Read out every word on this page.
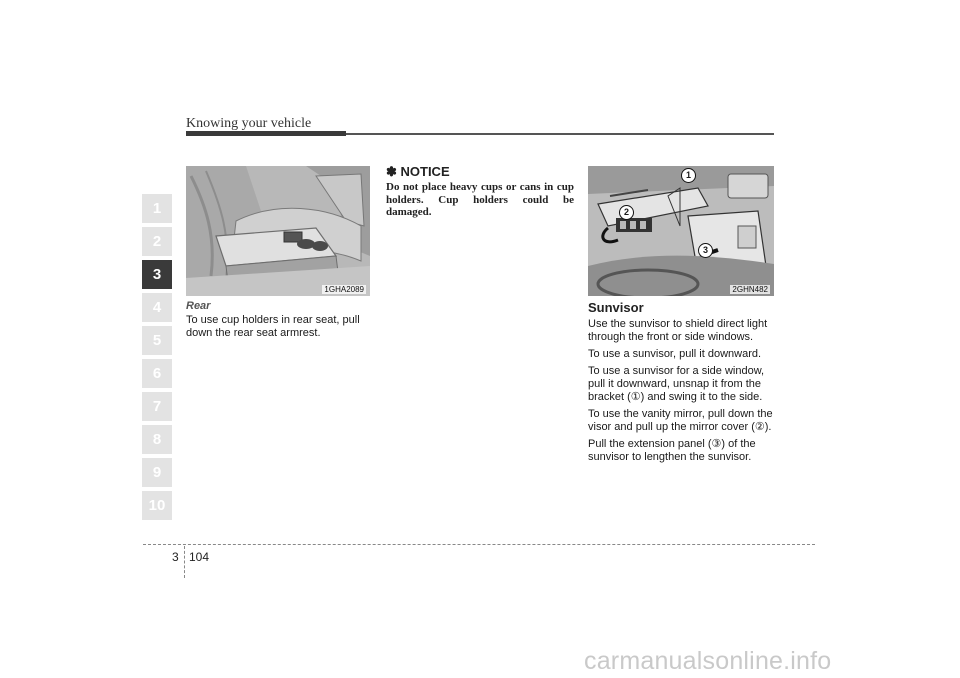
Knowing your vehicle
1
2
3
4
5
6
7
8
9
10
1GHA2089
Rear

To use cup holders in rear seat, pull down the rear seat armrest.

✽ NOTICE
Do not place heavy cups or cans in cup holders. Cup holders could be damaged.
1
2
3
2GHN482
Sunvisor

Use the sunvisor to shield direct light through the front or side windows.

To use a sunvisor, pull it downward.

To use a sunvisor for a side window, pull it downward, unsnap it from the bracket (①) and swing it to the side.

To use the vanity mirror, pull down the visor and pull up the mirror cover (②).

Pull the extension panel (③) of the sunvisor to lengthen the sunvisor.

3 104
carmanualsonline.info
